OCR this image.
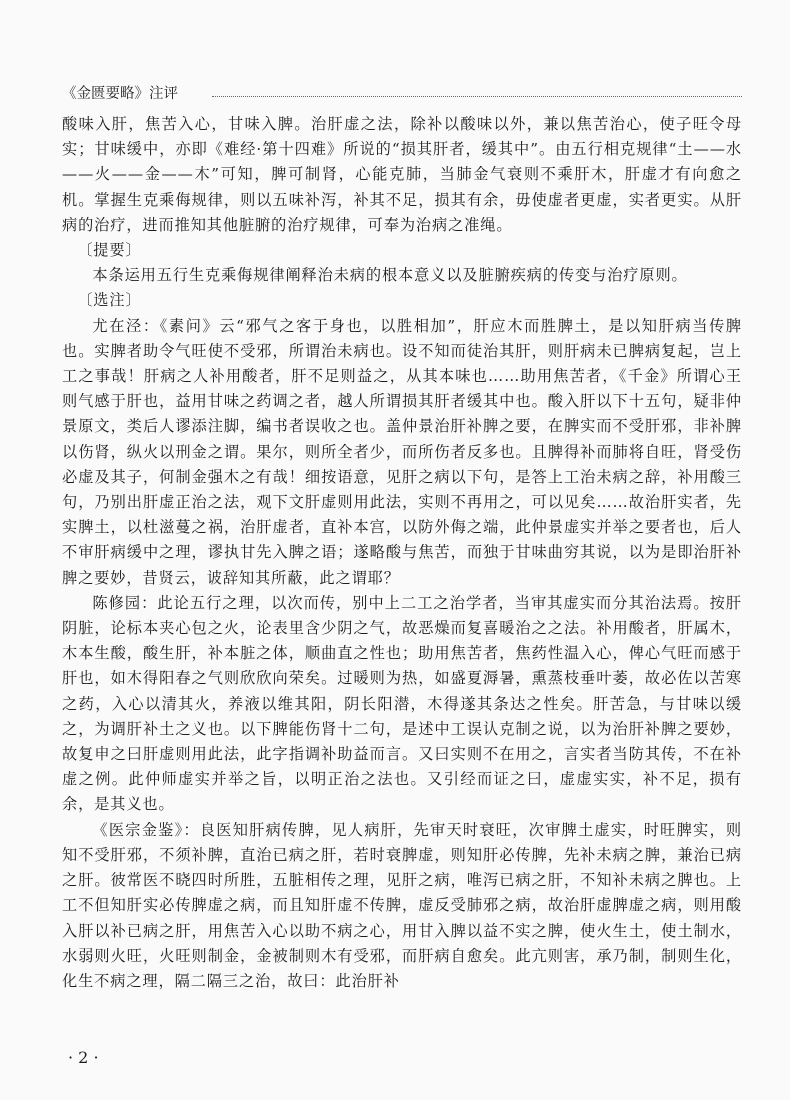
《金匮要略》注评

酸味入肝，焦苦入心，甘味入脾。治肝虚之法，除补以酸味以外，兼以焦苦治心，使子旺令母实；甘味缓中，亦即《难经·第十四难》所说的“损其肝者，缓其中”。由五行相克规律“土——水——火——金——木”可知，脾可制肾，心能克肺，当肺金气衰则不乘肝木，肝虚才有向愈之机。掌握生克乘侮规律，则以五味补泻，补其不足，损其有余，毋使虚者更虚，实者更实。从肝病的治疗，进而推知其他脏腑的治疗规律，可奉为治病之准绳。

〔提要〕

本条运用五行生克乘侮规律阐释治未病的根本意义以及脏腑疾病的传变与治疗原则。

〔选注〕

尤在泾：《素问》云“邪气之客于身也，以胜相加”，肝应木而胜脾土，是以知肝病当传脾也。实脾者助令气旺使不受邪，所谓治未病也。设不知而徒治其肝，则肝病未已脾病复起，岂上工之事哉！肝病之人补用酸者，肝不足则益之，从其本味也……助用焦苦者，《千金》所谓心王则气感于肝也，益用甘味之药调之者，越人所谓损其肝者缓其中也。酸入肝以下十五句，疑非仲景原文，类后人谬添注脚，编书者误收之也。盖仲景治肝补脾之要，在脾实而不受肝邪，非补脾以伤肾，纵火以刑金之谓。果尔，则所全者少，而所伤者反多也。且脾得补而肺将自旺，肾受伤必虚及其子，何制金强木之有哉！细按语意，见肝之病以下句，是答上工治未病之辞，补用酸三句，乃别出肝虚正治之法，观下文肝虚则用此法，实则不再用之，可以见矣……故治肝实者，先实脾土，以杜滋蔓之祸，治肝虚者，直补本宫，以防外侮之端，此仲景虚实并举之要者也，后人不审肝病缓中之理，谬执甘先入脾之语；遂略酸与焦苦，而独于甘味曲穷其说，以为是即治肝补脾之要妙，昔贤云，诐辞知其所蔽，此之谓耶？

陈修园：此论五行之理，以次而传，别中上二工之治学者，当审其虚实而分其治法焉。按肝阴脏，论标本夹心包之火，论表里含少阴之气，故恶燥而复喜暖治之之法。补用酸者，肝属木，木本生酸，酸生肝，补本脏之体，顺曲直之性也；助用焦苦者，焦药性温入心，俾心气旺而感于肝也，如木得阳春之气则欣欣向荣矣。过暖则为热，如盛夏溽暑，熏蒸枝垂叶萎，故必佐以苦寒之药，入心以清其火，养液以维其阳，阴长阳潜，木得遂其条达之性矣。肝苦急，与甘味以缓之，为调肝补土之义也。以下脾能伤肾十二句，是述中工误认克制之说，以为治肝补脾之要妙，故复申之曰肝虚则用此法，此字指调补助益而言。又曰实则不在用之，言实者当防其传，不在补虚之例。此仲师虚实并举之旨，以明正治之法也。又引经而证之曰，虚虚实实，补不足，损有余，是其义也。

《医宗金鉴》：良医知肝病传脾，见人病肝，先审天时衰旺，次审脾土虚实，时旺脾实，则知不受肝邪，不须补脾，直治已病之肝，若时衰脾虚，则知肝必传脾，先补未病之脾，兼治已病之肝。彼常医不晓四时所胜，五脏相传之理，见肝之病，唯泻已病之肝，不知补未病之脾也。上工不但知肝实必传脾虚之病，而且知肝虚不传脾，虚反受肺邪之病，故治肝虚脾虚之病，则用酸入肝以补已病之肝，用焦苦入心以助不病之心，用甘入脾以益不实之脾，使火生土，使土制水，水弱则火旺，火旺则制金，金被制则木有受邪，而肝病自愈矣。此亢则害，承乃制，制则生化，化生不病之理，隔二隔三之治，故曰：此治肝补

· 2 ·
